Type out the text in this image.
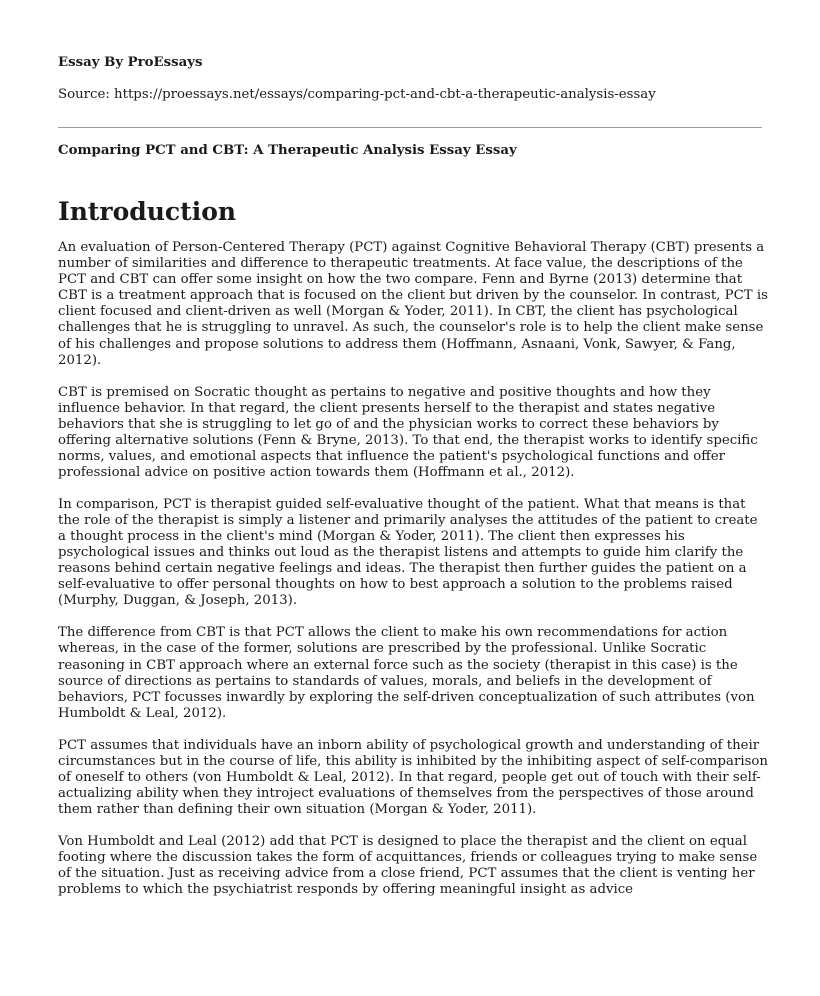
Essay By ProEssays

Source: https://proessays.net/essays/comparing-pct-and-cbt-a-therapeutic-analysis-essay

Comparing PCT and CBT: A Therapeutic Analysis Essay Essay

Introduction

An evaluation of Person-Centered Therapy (PCT) against Cognitive Behavioral Therapy (CBT) presents a number of similarities and difference to therapeutic treatments. At face value, the descriptions of the PCT and CBT can offer some insight on how the two compare. Fenn and Byrne (2013) determine that CBT is a treatment approach that is focused on the client but driven by the counselor. In contrast, PCT is client focused and client-driven as well (Morgan & Yoder, 2011). In CBT, the client has psychological challenges that he is struggling to unravel. As such, the counselor's role is to help the client make sense of his challenges and propose solutions to address them (Hoffmann, Asnaani, Vonk, Sawyer, & Fang, 2012).

CBT is premised on Socratic thought as pertains to negative and positive thoughts and how they influence behavior. In that regard, the client presents herself to the therapist and states negative behaviors that she is struggling to let go of and the physician works to correct these behaviors by offering alternative solutions (Fenn & Bryne, 2013). To that end, the therapist works to identify specific norms, values, and emotional aspects that influence the patient's psychological functions and offer professional advice on positive action towards them (Hoffmann et al., 2012).

In comparison, PCT is therapist guided self-evaluative thought of the patient. What that means is that the role of the therapist is simply a listener and primarily analyses the attitudes of the patient to create a thought process in the client's mind (Morgan & Yoder, 2011). The client then expresses his psychological issues and thinks out loud as the therapist listens and attempts to guide him clarify the reasons behind certain negative feelings and ideas. The therapist then further guides the patient on a self-evaluative to offer personal thoughts on how to best approach a solution to the problems raised (Murphy, Duggan, & Joseph, 2013).

The difference from CBT is that PCT allows the client to make his own recommendations for action whereas, in the case of the former, solutions are prescribed by the professional. Unlike Socratic reasoning in CBT approach where an external force such as the society (therapist in this case) is the source of directions as pertains to standards of values, morals, and beliefs in the development of behaviors, PCT focusses inwardly by exploring the self-driven conceptualization of such attributes (von Humboldt & Leal, 2012).

PCT assumes that individuals have an inborn ability of psychological growth and understanding of their circumstances but in the course of life, this ability is inhibited by the inhibiting aspect of self-comparison of oneself to others (von Humboldt & Leal, 2012). In that regard, people get out of touch with their self-actualizing ability when they introject evaluations of themselves from the perspectives of those around them rather than defining their own situation (Morgan & Yoder, 2011).

Von Humboldt and Leal (2012) add that PCT is designed to place the therapist and the client on equal footing where the discussion takes the form of acquittances, friends or colleagues trying to make sense of the situation. Just as receiving advice from a close friend, PCT assumes that the client is venting her problems to which the psychiatrist responds by offering meaningful insight as advice
